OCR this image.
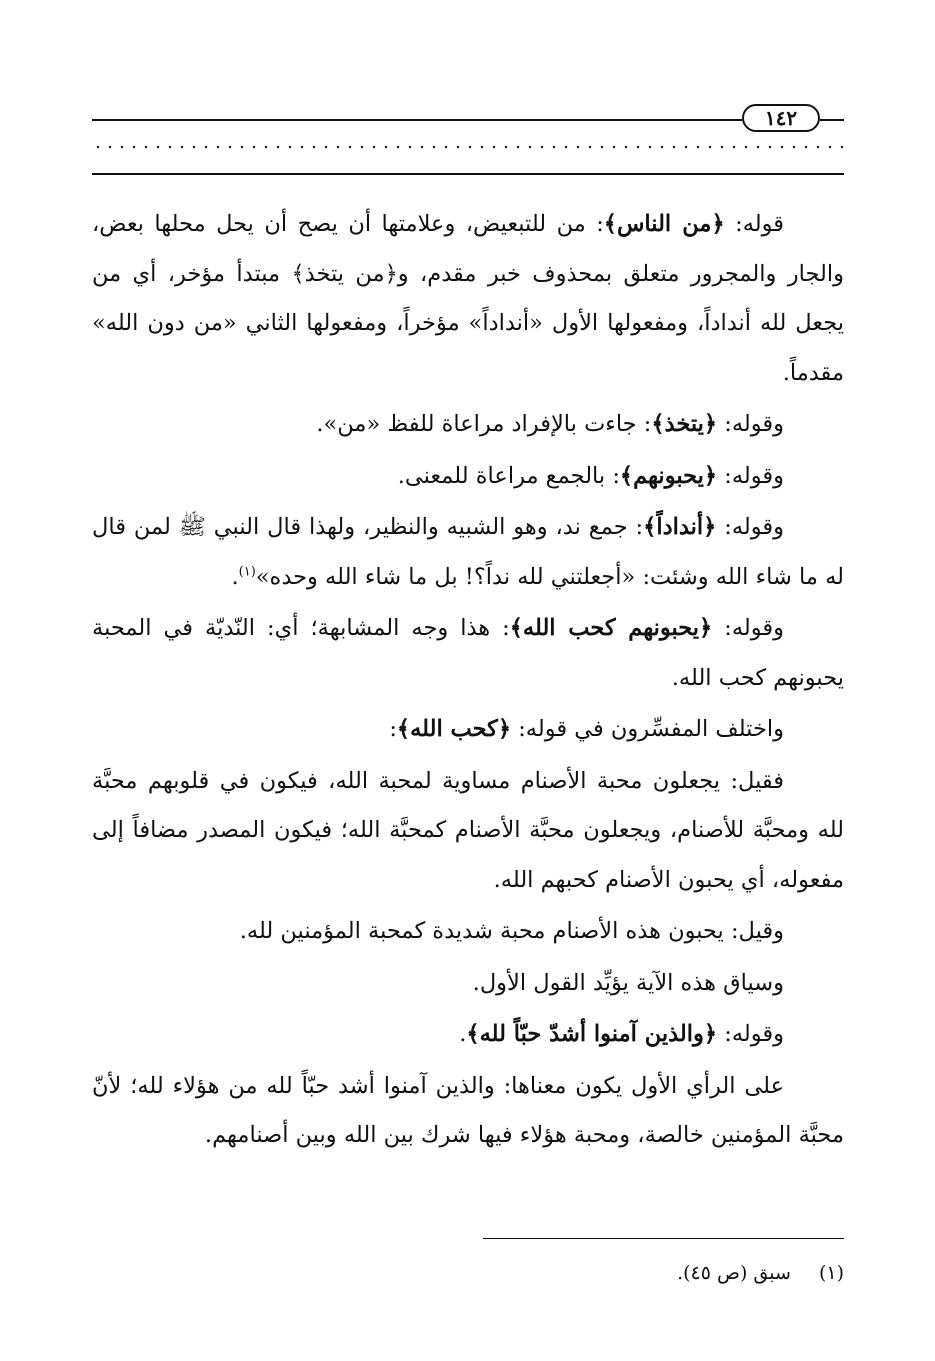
١٤٢

قوله: ﴿من الناس﴾: من للتبعيض، وعلامتها أن يصح أن يحل محلها بعض، والجار والمجرور متعلق بمحذوف خبر مقدم، و﴿من يتخذ﴾ مبتدأ مؤخر، أي من يجعل لله أنداداً، ومفعولها الأول «أنداداً» مؤخراً، ومفعولها الثاني «من دون الله» مقدماً.

وقوله: ﴿يتخذ﴾: جاءت بالإفراد مراعاة للفظ «من».

وقوله: ﴿يحبونهم﴾: بالجمع مراعاة للمعنى.

وقوله: ﴿أنداداً﴾: جمع ند، وهو الشبيه والنظير، ولهذا قال النبي ﷺ لمن قال له ما شاء الله وشئت: «أجعلتني لله نداً؟! بل ما شاء الله وحده»$^{(١)}$.

وقوله: ﴿يحبونهم كحب الله﴾: هذا وجه المشابهة؛ أي: النّديّة في المحبة يحبونهم كحب الله.

واختلف المفسِّرون في قوله: ﴿كحب الله﴾:

فقيل: يجعلون محبة الأصنام مساوية لمحبة الله، فيكون في قلوبهم محبَّة لله ومحبَّة للأصنام، ويجعلون محبَّة الأصنام كمحبَّة الله؛ فيكون المصدر مضافاً إلى مفعوله، أي يحبون الأصنام كحبهم الله.

وقيل: يحبون هذه الأصنام محبة شديدة كمحبة المؤمنين لله.

وسياق هذه الآية يؤيِّد القول الأول.

وقوله: ﴿والذين آمنوا أشدّ حبّاً لله﴾.

على الرأي الأول يكون معناها: والذين آمنوا أشد حبّاً لله من هؤلاء لله؛ لأنّ محبَّة المؤمنين خالصة، ومحبة هؤلاء فيها شرك بين الله وبين أصنامهم.

(١)سبق (ص ٤٥).
